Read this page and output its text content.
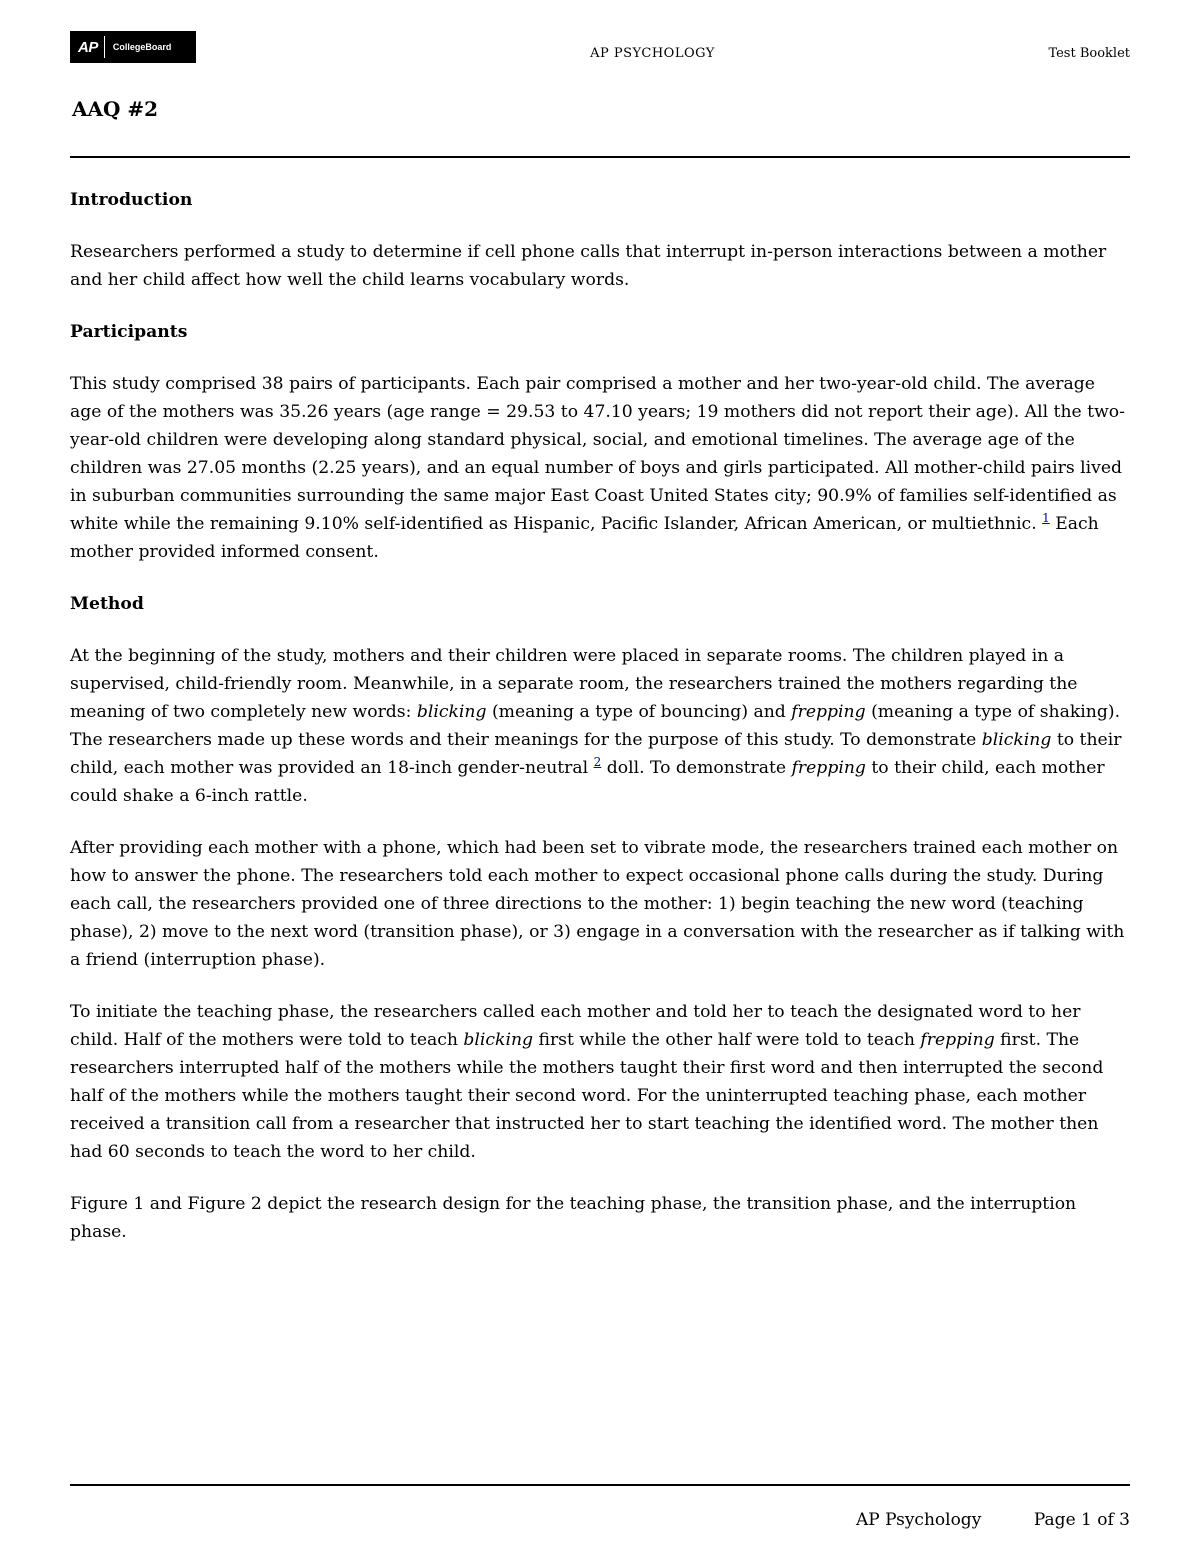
AP CollegeBoard	AP PSYCHOLOGY	Test Booklet
AAQ #2
Introduction

Researchers performed a study to determine if cell phone calls that interrupt in-person interactions between a mother and her child affect how well the child learns vocabulary words.

Participants

This study comprised 38 pairs of participants. Each pair comprised a mother and her two-year-old child. The average age of the mothers was 35.26 years (age range = 29.53 to 47.10 years; 19 mothers did not report their age). All the two-year-old children were developing along standard physical, social, and emotional timelines. The average age of the children was 27.05 months (2.25 years), and an equal number of boys and girls participated. All mother-child pairs lived in suburban communities surrounding the same major East Coast United States city; 90.9% of families self-identified as white while the remaining 9.10% self-identified as Hispanic, Pacific Islander, African American, or multiethnic. $^1$ Each mother provided informed consent.

Method

At the beginning of the study, mothers and their children were placed in separate rooms. The children played in a supervised, child-friendly room. Meanwhile, in a separate room, the researchers trained the mothers regarding the meaning of two completely new words: blicking (meaning a type of bouncing) and frepping (meaning a type of shaking). The researchers made up these words and their meanings for the purpose of this study. To demonstrate blicking to their child, each mother was provided an 18-inch gender-neutral $^2$ doll. To demonstrate frepping to their child, each mother could shake a 6-inch rattle.

After providing each mother with a phone, which had been set to vibrate mode, the researchers trained each mother on how to answer the phone. The researchers told each mother to expect occasional phone calls during the study. During each call, the researchers provided one of three directions to the mother: 1) begin teaching the new word (teaching phase), 2) move to the next word (transition phase), or 3) engage in a conversation with the researcher as if talking with a friend (interruption phase).

To initiate the teaching phase, the researchers called each mother and told her to teach the designated word to her child. Half of the mothers were told to teach blicking first while the other half were told to teach frepping first. The researchers interrupted half of the mothers while the mothers taught their first word and then interrupted the second half of the mothers while the mothers taught their second word. For the uninterrupted teaching phase, each mother received a transition call from a researcher that instructed her to start teaching the identified word. The mother then had 60 seconds to teach the word to her child.

Figure 1 and Figure 2 depict the research design for the teaching phase, the transition phase, and the interruption phase.

AP Psychology	Page 1 of 3
